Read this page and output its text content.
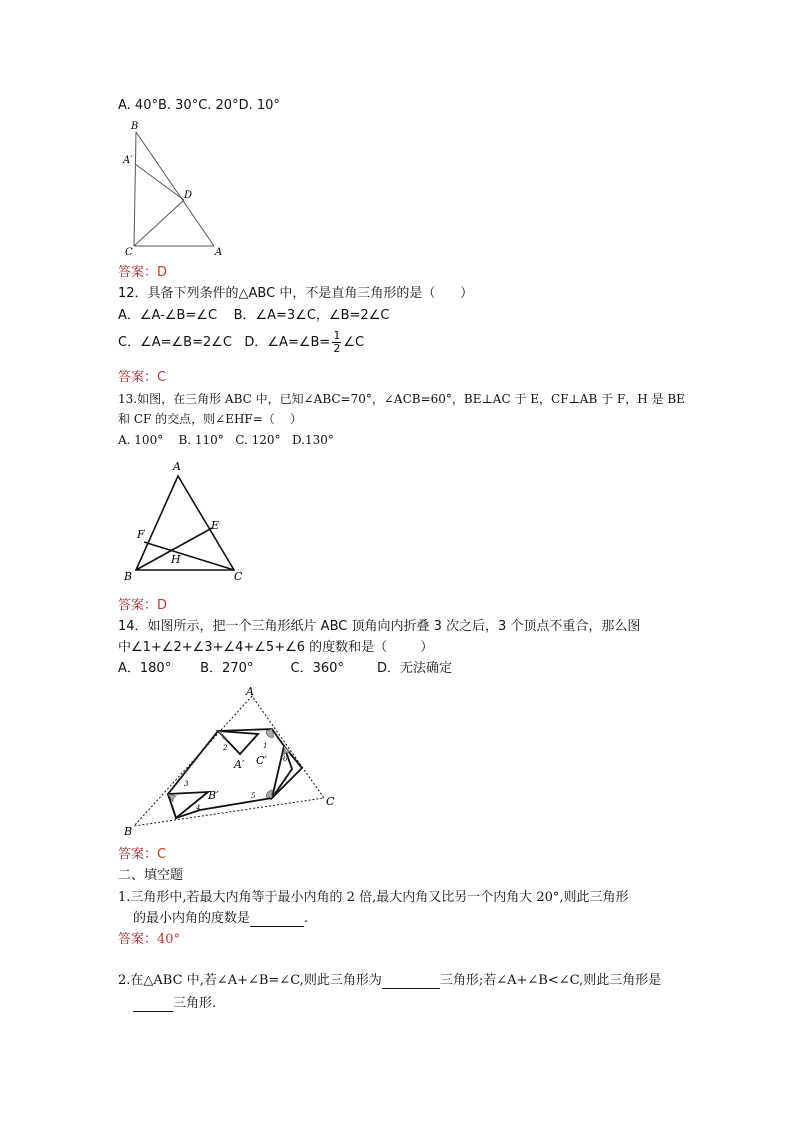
A. 40°B. 30°C. 20°D. 10°
B
A′
D
C	A
答案：D
12．具备下列条件的△ABC 中，不是直角三角形的是（      ）
A．∠A-∠B=∠C    B．∠A=3∠C，∠B=2∠C
C．∠A=∠B=2∠C   D．∠A=∠B= $\frac{1}{2}$ ∠C
答案：C
13.如图，在三角形 ABC 中，已知∠ABC=70°，∠ACB=60°，BE⊥AC 于 E，CF⊥AB 于 F，H 是 BE
和 CF 的交点，则∠EHF=（    ）
A. 100°    B. 110°   C. 120°   D.130°
A
F
E
H
B	C
答案：D
14．如图所示，把一个三角形纸片 ABC 顶角向内折叠 3 次之后，3 个顶点不重合，那么图
中∠1+∠2+∠3+∠4+∠5+∠6 的度数和是（        ）
A．180°       B．270°         C．360°        D．无法确定
A
B
C
A′
B′
C′
1
2
3
4
5
6
答案：C
二、填空题
1.三角形中,若最大内角等于最小内角的 2 倍,最大内角又比另一个内角大 20°,则此三角形
的最小内角的度数是	.
答案：40°
2.在△ABC 中,若∠A+∠B=∠C,则此三角形为	三角形;若∠A+∠B<∠C,则此三角形是
三角形.
